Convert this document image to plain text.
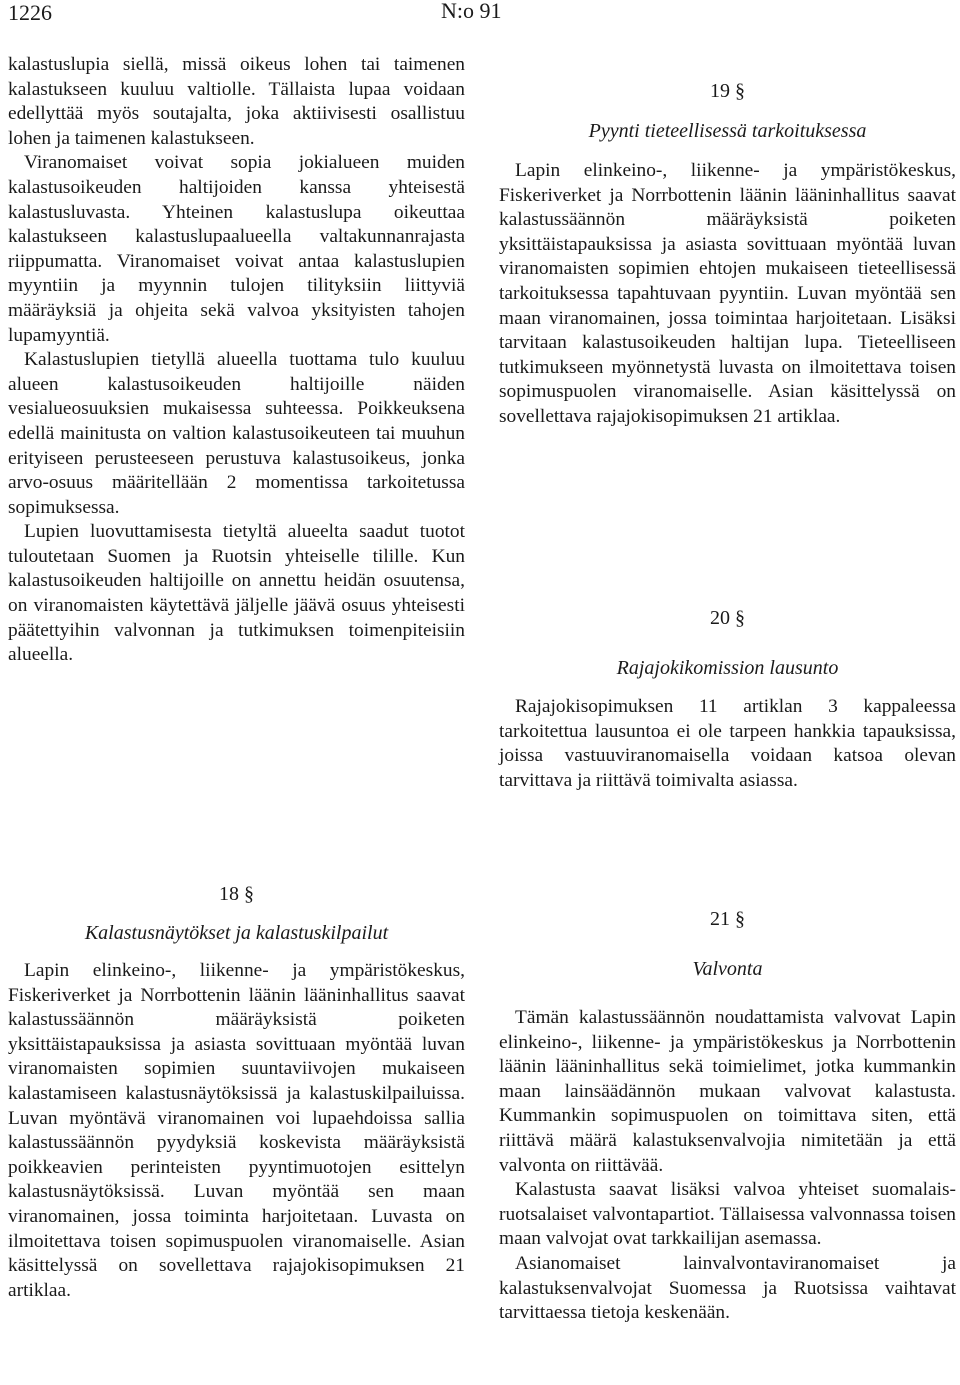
1226	N:o 91

kalastuslupia siellä, missä oikeus lohen tai taimenen kalastukseen kuuluu valtiolle. Tällaista lupaa voidaan edellyttää myös soutajalta, joka aktiivisesti osallistuu lohen ja taimenen kalastukseen.

Viranomaiset voivat sopia jokialueen muiden kalastusoikeuden haltijoiden kanssa yhteisestä kalastusluvasta. Yhteinen kalastuslupa oikeuttaa kalastukseen kalastuslupaalueella valtakunnanrajasta riippumatta. Viranomaiset voivat antaa kalastuslupien myyntiin ja myynnin tulojen tilityksiin liittyviä määräyksiä ja ohjeita sekä valvoa yksityisten tahojen lupamyyntiä.

Kalastuslupien tietyllä alueella tuottama tulo kuuluu alueen kalastusoikeuden haltijoille näiden vesialueosuuksien mukaisessa suhteessa. Poikkeuksena edellä mainitusta on valtion kalastusoikeuteen tai muuhun erityiseen perusteeseen perustuva kalastusoikeus, jonka arvo-osuus määritellään 2 momentissa tarkoitetussa sopimuksessa.

Lupien luovuttamisesta tietyltä alueelta saadut tuotot tuloutetaan Suomen ja Ruotsin yhteiselle tilille. Kun kalastusoikeuden haltijoille on annettu heidän osuutensa, on viranomaisten käytettävä jäljelle jäävä osuus yhteisesti päätettyihin valvonnan ja tutkimuksen toimenpiteisiin alueella.

18 §
Kalastusnäytökset ja kalastuskilpailut

Lapin elinkeino-, liikenne- ja ympäristökeskus, Fiskeriverket ja Norrbottenin läänin lääninhallitus saavat kalastussäännön määräyksistä poiketen yksittäistapauksissa ja asiasta sovittuaan myöntää luvan viranomaisten sopimien suuntaviivojen mukaiseen kalastamiseen kalastusnäytöksissä ja kalastuskilpailuissa. Luvan myöntävä viranomainen voi lupaehdoissa sallia kalastussäännön pyydyksiä koskevista määräyksistä poikkeavien perinteisten pyyntimuotojen esittelyn kalastusnäytöksissä. Luvan myöntää sen maan viranomainen, jossa toiminta harjoitetaan. Luvasta on ilmoitettava toisen sopimuspuolen viranomaiselle. Asian käsittelyssä on sovellettava rajajokisopimuksen 21 artiklaa.

19 §
Pyynti tieteellisessä tarkoituksessa

Lapin elinkeino-, liikenne- ja ympäristökeskus, Fiskeriverket ja Norrbottenin läänin lääninhallitus saavat kalastussäännön määräyksistä poiketen yksittäistapauksissa ja asiasta sovittuaan myöntää luvan viranomaisten sopimien ehtojen mukaiseen tieteellisessä tarkoituksessa tapahtuvaan pyyntiin. Luvan myöntää sen maan viranomainen, jossa toimintaa harjoitetaan. Lisäksi tarvitaan kalastusoikeuden haltijan lupa. Tieteelliseen tutkimukseen myönnetystä luvasta on ilmoitettava toisen sopimuspuolen viranomaiselle. Asian käsittelyssä on sovellettava rajajokisopimuksen 21 artiklaa.

20 §
Rajajokikomission lausunto

Rajajokisopimuksen 11 artiklan 3 kappaleessa tarkoitettua lausuntoa ei ole tarpeen hankkia tapauksissa, joissa vastuuviranomaisella voidaan katsoa olevan tarvittava ja riittävä toimivalta asiassa.

21 §
Valvonta

Tämän kalastussäännön noudattamista valvovat Lapin elinkeino-, liikenne- ja ympäristökeskus ja Norrbottenin läänin lääninhallitus sekä toimielimet, jotka kummankin maan lainsäädännön mukaan valvovat kalastusta. Kummankin sopimuspuolen on toimittava siten, että riittävä määrä kalastuksenvalvojia nimitetään ja että valvonta on riittävää.

Kalastusta saavat lisäksi valvoa yhteiset suomalais-ruotsalaiset valvontapartiot. Tällaisessa valvonnassa toisen maan valvojat ovat tarkkailijan asemassa.

Asianomaiset lainvalvontaviranomaiset ja kalastuksenvalvojat Suomessa ja Ruotsissa vaihtavat tarvittaessa tietoja keskenään.
